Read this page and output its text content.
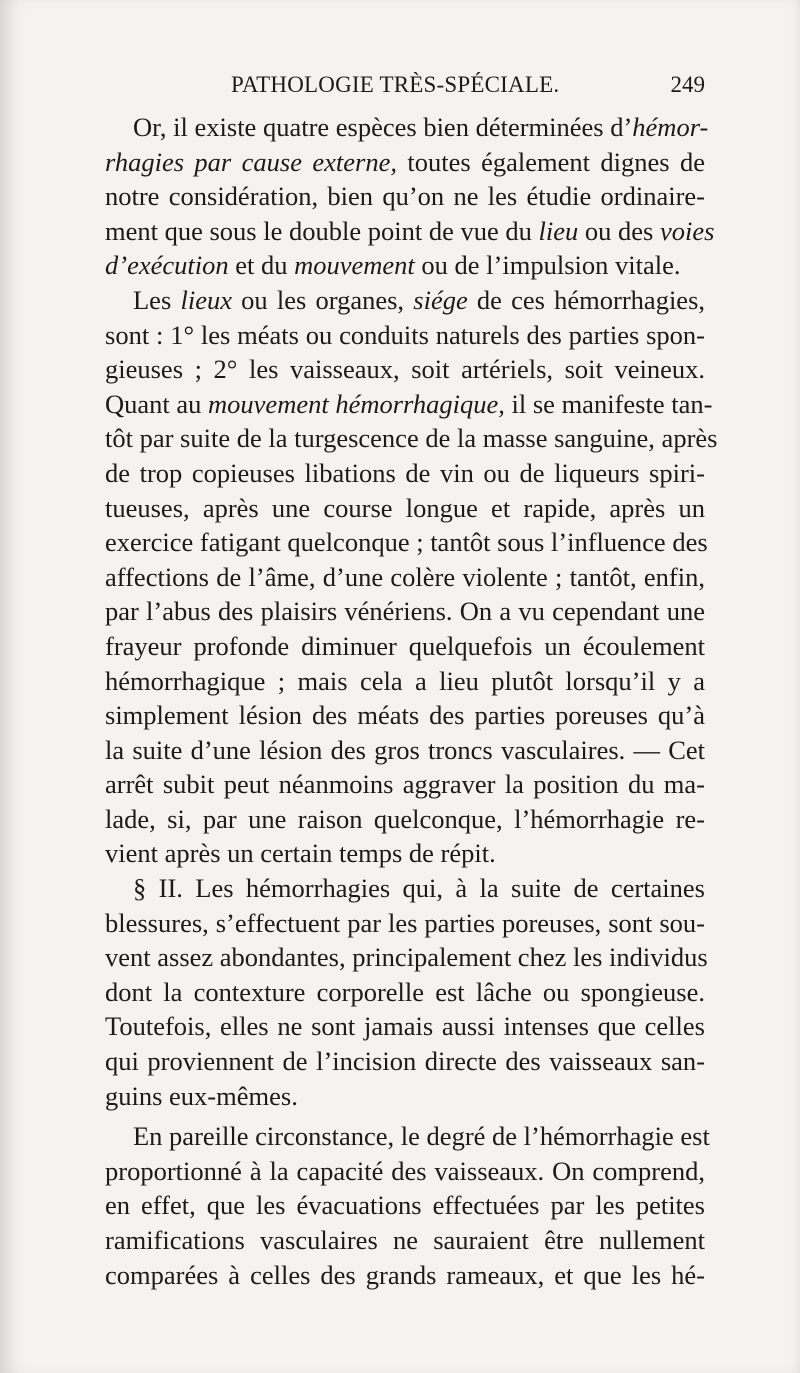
PATHOLOGIE TRÈS-SPÉCIALE.	249
Or, il existe quatre espèces bien déterminées d’hémor-
rhagies par cause externe, toutes également dignes de
notre considération, bien qu’on ne les étudie ordinaire-
ment que sous le double point de vue du lieu ou des voies
d’exécution et du mouvement ou de l’impulsion vitale.
Les lieux ou les organes, siége de ces hémorrhagies,
sont : 1° les méats ou conduits naturels des parties spon-
gieuses ; 2° les vaisseaux, soit artériels, soit veineux.
Quant au mouvement hémorrhagique, il se manifeste tan-
tôt par suite de la turgescence de la masse sanguine, après
de trop copieuses libations de vin ou de liqueurs spiri-
tueuses, après une course longue et rapide, après un
exercice fatigant quelconque ; tantôt sous l’influence des
affections de l’âme, d’une colère violente ; tantôt, enfin,
par l’abus des plaisirs vénériens. On a vu cependant une
frayeur profonde diminuer quelquefois un écoulement
hémorrhagique ; mais cela a lieu plutôt lorsqu’il y a
simplement lésion des méats des parties poreuses qu’à
la suite d’une lésion des gros troncs vasculaires. — Cet
arrêt subit peut néanmoins aggraver la position du ma-
lade, si, par une raison quelconque, l’hémorrhagie re-
vient après un certain temps de répit.
§ II. Les hémorrhagies qui, à la suite de certaines
blessures, s’effectuent par les parties poreuses, sont sou-
vent assez abondantes, principalement chez les individus
dont la contexture corporelle est lâche ou spongieuse.
Toutefois, elles ne sont jamais aussi intenses que celles
qui proviennent de l’incision directe des vaisseaux san-
guins eux-mêmes.
En pareille circonstance, le degré de l’hémorrhagie est
proportionné à la capacité des vaisseaux. On comprend,
en effet, que les évacuations effectuées par les petites
ramifications vasculaires ne sauraient être nullement
comparées à celles des grands rameaux, et que les hé-
